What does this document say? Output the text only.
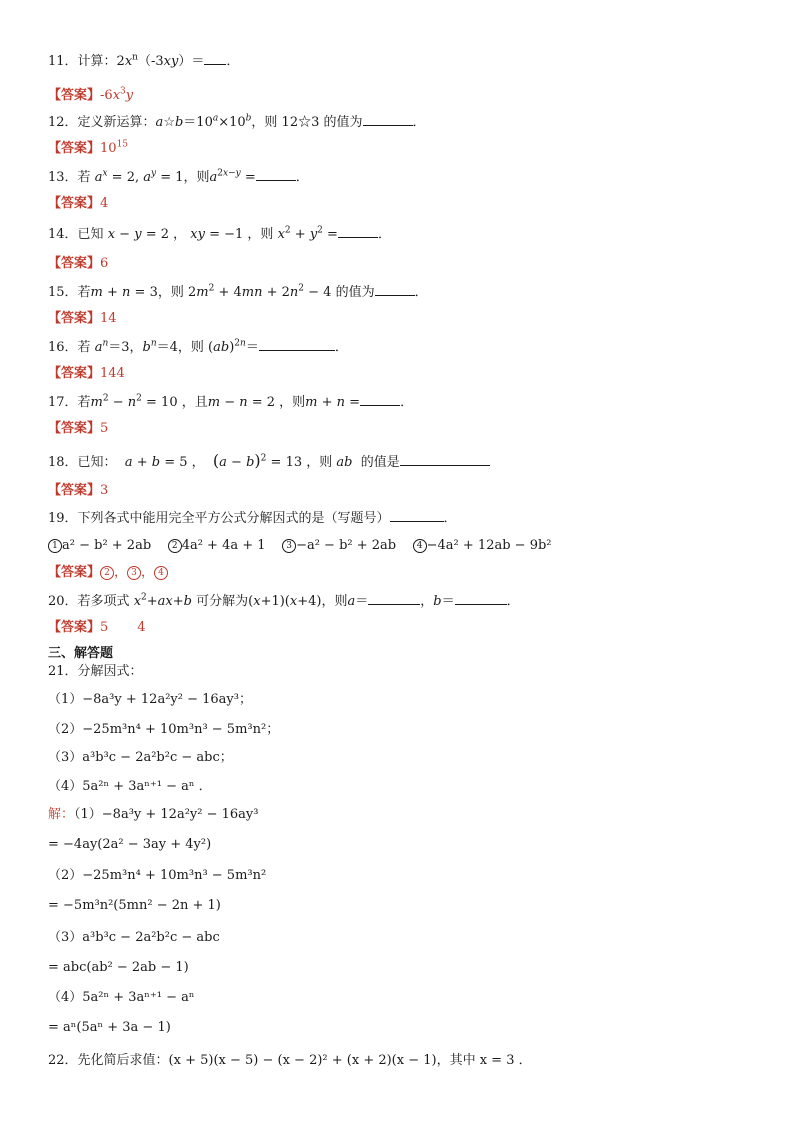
11．计算：$2x^n(-3xy)=$ ．
【答案】$-6x^3y$
12．定义新运算：$a☆b=10^a\times 10^b$，则 12☆3 的值为	．
【答案】$10^{15}$
13．若 $a^x = 2$, $a^y = 1$，则$a^{2x-y}$ =	．
【答案】4
14．已知 x − y = 2 ， xy = −1 ，则 $x^2 + y^2$ =	．
【答案】6
15．若m + n = 3，则 $2m^2 + 4mn + 2n^2 - 4$ 的值为	．
【答案】14
16．若 $a^n=3$，$b^n=4$，则 (ab)$^{2n}$＝	．
【答案】144
17．若$m^2 - n^2 = 10$ ，且m − n = 2 ，则m + n =	．
【答案】5
18．已知： a + b = 5 ， $(a - b)^2 = 13$ ，则 ab 的值是
【答案】3
19．下列各式中能用完全平方公式分解因式的是（写题号）	．
1 a² − b² + 2ab 2 4a² + 4a + 1 3 −a² − b² + 2ab 4 −4a² + 12ab − 9b²
【答案】 2 ， 3 ， 4
20．若多项式 $x^2+ax+b$ 可分解为(x+1)(x+4)，则a＝	，b＝	．
【答案】5 4
三、解答题
21．分解因式：
（1）−8a³y + 12a²y² − 16ay³；
（2）−25m³n⁴ + 10m³n³ − 5m³n²；
（3）a³b³c − 2a²b²c − abc；
（4）5a²ⁿ + 3aⁿ⁺¹ − aⁿ ．
解：（1）−8a³y + 12a²y² − 16ay³
= −4ay(2a² − 3ay + 4y²)
（2）−25m³n⁴ + 10m³n³ − 5m³n²
= −5m³n²(5mn² − 2n + 1)
（3）a³b³c − 2a²b²c − abc
= abc(ab² − 2ab − 1)
（4）5a²ⁿ + 3aⁿ⁺¹ − aⁿ
= aⁿ(5aⁿ + 3a − 1)
22．先化简后求值：(x + 5)(x − 5) − (x − 2)² + (x + 2)(x − 1)，其中 x = 3 ．
